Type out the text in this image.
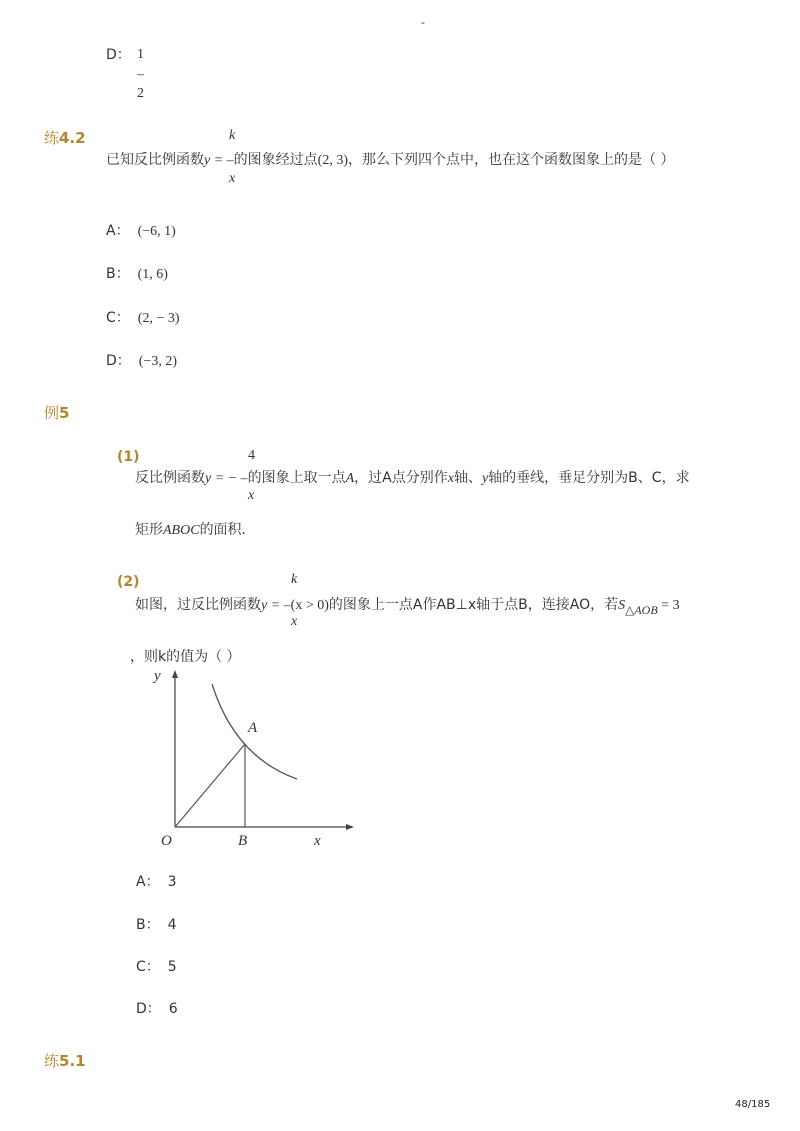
-
D： 1
–
2
练4.2	k
已知反比例函数y = –的图象经过点(2, 3)，那么下列四个点中，也在这个函数图象上的是（ ）
x
A： (−6, 1)
B： (1, 6)
C： (2, − 3)
D： (−3, 2)
例5
(1)	4
反比例函数y = − –的图象上取一点A，过A点分别作x轴、y轴的垂线，垂足分别为B、C，求
x
矩形ABOC的面积．
(2)	k
如图，过反比例函数y = –(x > 0)的图象上一点A作AB⊥x轴于点B，连接AO，若S△AOB = 3
x
，则k的值为（ ）
y
x
O
A
B
A： 3
B： 4
C： 5
D： 6
练5.1
48/185
